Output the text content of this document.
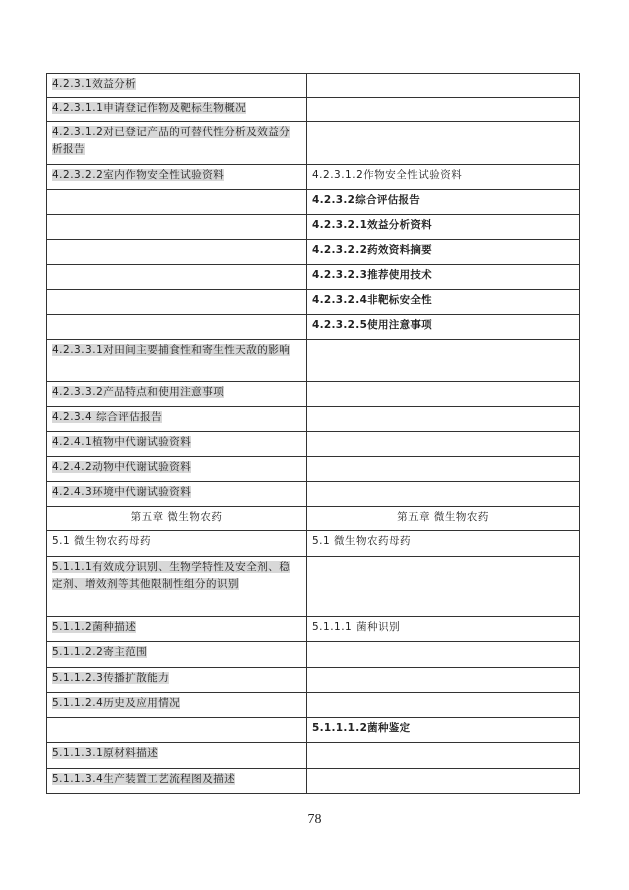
4.2.3.1效益分析	
4.2.3.1.1申请登记作物及靶标生物概况	
4.2.3.1.2对已登记产品的可替代性分析及效益分析报告	
4.2.3.2.2室内作物安全性试验资料	4.2.3.1.2作物安全性试验资料
	4.2.3.2综合评估报告
	4.2.3.2.1效益分析资料
	4.2.3.2.2药效资料摘要
	4.2.3.2.3推荐使用技术
	4.2.3.2.4非靶标安全性
	4.2.3.2.5使用注意事项
4.2.3.3.1对田间主要捕食性和寄生性天敌的影响	
4.2.3.3.2产品特点和使用注意事项	
4.2.3.4 综合评估报告	
4.2.4.1植物中代谢试验资料	
4.2.4.2动物中代谢试验资料	
4.2.4.3环境中代谢试验资料	
第五章 微生物农药	第五章 微生物农药
5.1 微生物农药母药	5.1 微生物农药母药
5.1.1.1有效成分识别、生物学特性及安全剂、稳定剂、增效剂等其他限制性组分的识别	
5.1.1.2菌种描述	5.1.1.1 菌种识别
5.1.1.2.2寄主范围	
5.1.1.2.3传播扩散能力	
5.1.1.2.4历史及应用情况	
	5.1.1.1.2菌种鉴定
5.1.1.3.1原材料描述	
5.1.1.3.4生产装置工艺流程图及描述	
78
